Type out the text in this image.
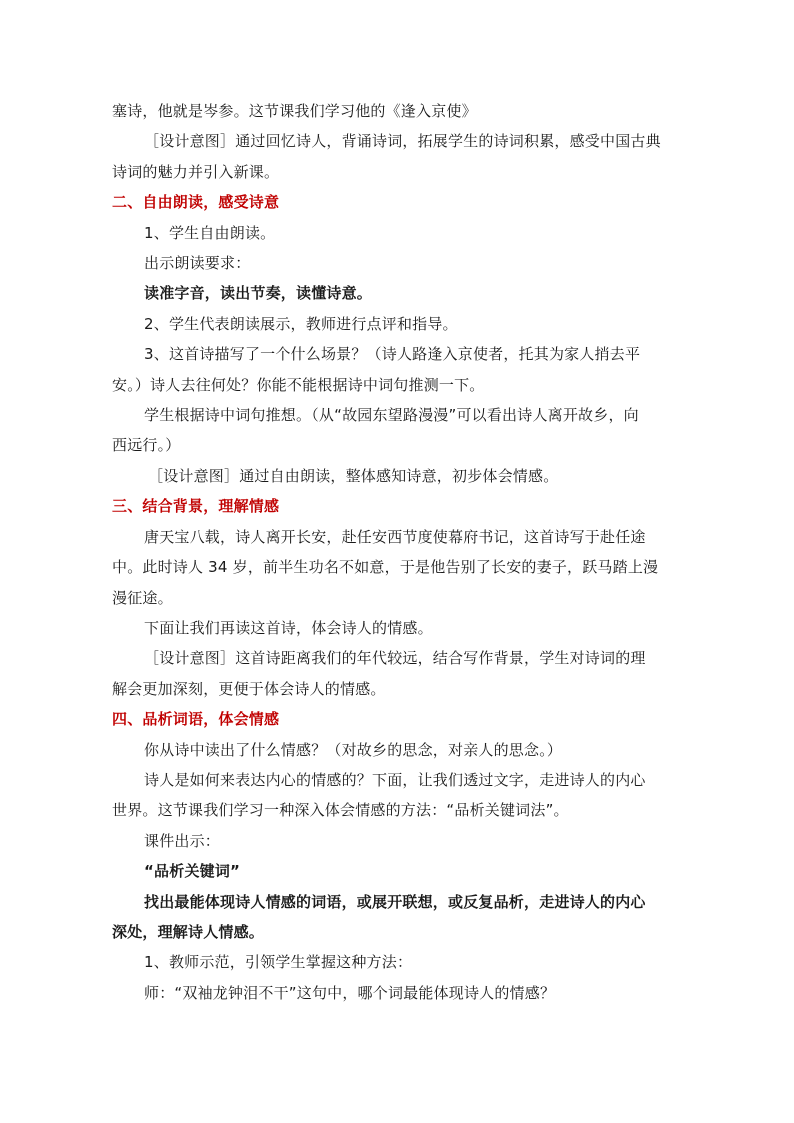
塞诗，他就是岑参。这节课我们学习他的《逢入京使》
［设计意图］通过回忆诗人，背诵诗词，拓展学生的诗词积累，感受中国古典
诗词的魅力并引入新课。
二、自由朗读，感受诗意
1、学生自由朗读。
出示朗读要求：
读准字音，读出节奏，读懂诗意。
2、学生代表朗读展示，教师进行点评和指导。
3、这首诗描写了一个什么场景？（诗人路逢入京使者，托其为家人捎去平
安。）诗人去往何处？你能不能根据诗中词句推测一下。
学生根据诗中词句推想。（从“故园东望路漫漫”可以看出诗人离开故乡，向
西远行。）
［设计意图］通过自由朗读，整体感知诗意，初步体会情感。
三、结合背景，理解情感
唐天宝八载，诗人离开长安，赴任安西节度使幕府书记，这首诗写于赴任途
中。此时诗人 34 岁，前半生功名不如意，于是他告别了长安的妻子，跃马踏上漫
漫征途。
下面让我们再读这首诗，体会诗人的情感。
［设计意图］这首诗距离我们的年代较远，结合写作背景，学生对诗词的理
解会更加深刻，更便于体会诗人的情感。
四、品析词语，体会情感
你从诗中读出了什么情感？（对故乡的思念，对亲人的思念。）
诗人是如何来表达内心的情感的？下面，让我们透过文字，走进诗人的内心
世界。这节课我们学习一种深入体会情感的方法：“品析关键词法”。
课件出示：
“品析关键词”
找出最能体现诗人情感的词语，或展开联想，或反复品析，走进诗人的内心
深处，理解诗人情感。
1、教师示范，引领学生掌握这种方法：
师：“双袖龙钟泪不干”这句中，哪个词最能体现诗人的情感？
